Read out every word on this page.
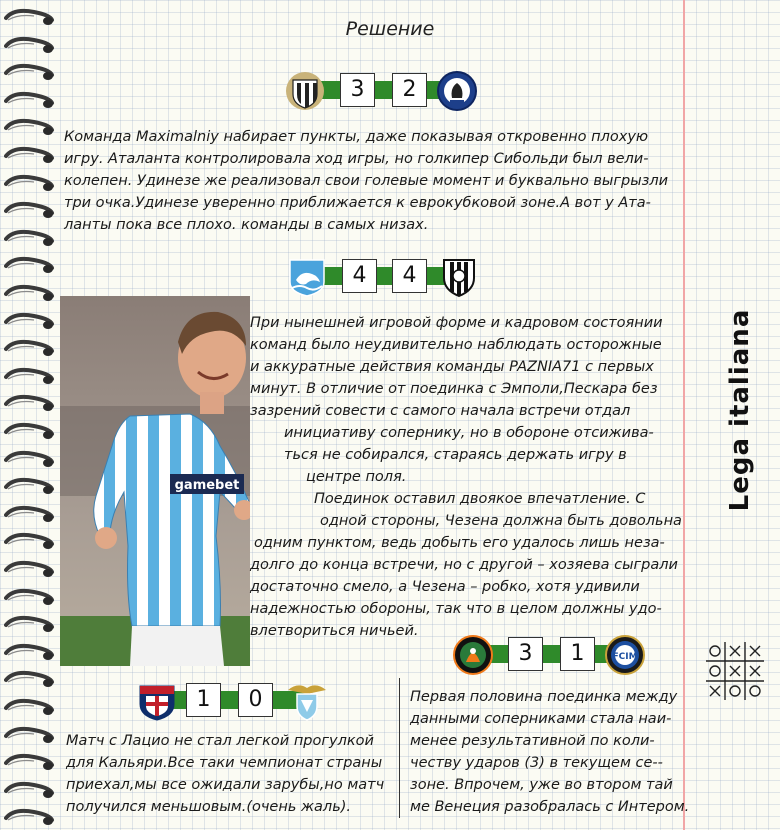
Решение
Lega italiana
3	2
Команда Maximalniy набирает пункты, даже показывая откровенно плохую
игру. Аталанта контролировала ход игры, но голкипер Сибольди был вели-
колепен. Удинезе же реализовал свои голевые момент и буквально выгрызли
три очка.Удинезе уверенно приближается к еврокубковой зоне.А вот у Ата-
ланты пока все плохо. команды в самых низах.
4	4
gamebet
При нынешней игровой форме и кадровом состоянии
команд было неудивительно наблюдать осторожные
и аккуратные действия команды PAZNIA71 с первых
минут. В отличие от поединка с Эмполи,Пескара без
зазрений совести с самого начала встречи отдал
инициативу сопернику, но в обороне отсижива-
ться не собирался, стараясь держать игру в
центре поля.
Поединок оставил двоякое впечатление. С
одной стороны, Чезена должна быть довольна
одним пунктом, ведь добыть его удалось лишь неза-
долго до конца встречи, но с другой – хозяева сыграли
достаточно смело, а Чезена – робко, хотя удивили
надежностью обороны, так что в целом должны удо-
влетвориться ничьей.
3	1	FCIM
Первая половина поединка между
данными соперниками стала наи-
менее результативной по коли-
честву ударов (3) в текущем се--
зоне. Впрочем, уже во втором тай
ме Венеция разобралась с Интером.
1	0
Матч с Лацио не стал легкой прогулкой
для Кальяри.Все таки чемпионат страны
приехал,мы все ожидали зарубы,но матч
получился меньшовым.(очень жаль).
